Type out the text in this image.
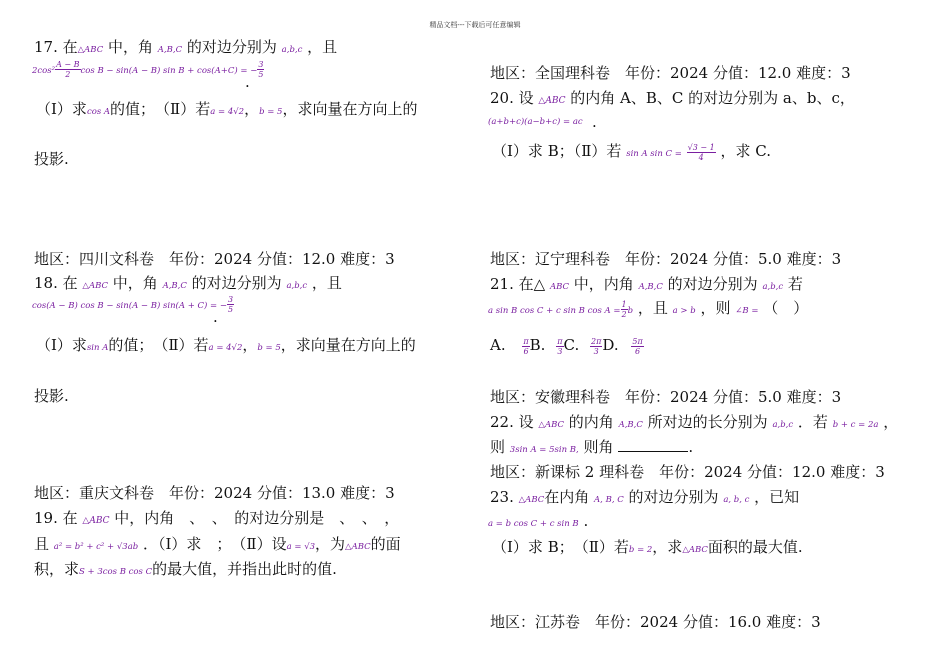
精品文档---下载后可任意编辑
17. 在△ABC 中，角 A,B,C 的对边分别为 a,b,c ，且
$2\cos^2 \frac{A - B}{2}$ cos B − sin(A − B) sin B + cos(A+C) = − $\frac{3}{5}$
.
（Ⅰ）求cos A的值；　（Ⅱ）若a = 4√2，b = 5，求向量在方向上的
投影.
地区：四川文科卷　年份：2024 分值：12.0 难度：3
18. 在 △ABC 中，角 A,B,C 的对边分别为 a,b,c ，且
cos(A − B) cos B − sin(A − B) sin(A + C) = − $\frac{3}{5}$
.
（Ⅰ）求sin A的值；　（Ⅱ）若a = 4√2，b = 5，求向量在方向上的
投影.
地区：重庆文科卷　年份：2024 分值：13.0 难度：3
19. 在 △ABC 中，内角　、　、　的对边分别是　、　、　，
且 a² = b² + c² + √3ab ．（Ⅰ）求　；　（Ⅱ）设a = √3，为△ABC的面
积，求S + 3cos B cos C的最大值，并指出此时的值.
地区：全国理科卷　年份：2024 分值：12.0 难度：3
20. 设 △ABC 的内角 A、B、C 的对边分别为 a、b、c，
(a+b+c)(a−b+c) = ac .
（Ⅰ）求 B；（Ⅱ）若 sin A $\sin C = \frac{√3 - 1}{4}$ ，求 C.
地区：辽宁理科卷　年份：2024 分值：5.0 难度：3
21. 在△ ABC 中，内角 A,B,C 的对边分别为 a,b,c 若
a sin B cos C + c sin B $\cos A = \frac{1}{2}$ b ，且 a > b ，则 ∠B = （　）
A. $\frac{\pi}{6} B$. $\frac{\pi}{3} C$. $\frac{2\pi}{3} D$. $\frac{5\pi}{6}$
地区：安徽理科卷　年份：2024 分值：5.0 难度：3
22. 设 △ABC 的内角 A,B,C 所对边的长分别为 a,b,c ．若 b + c = 2a ，
则 3sin A = 5sin B, 则角	.
地区：新课标 2 理科卷　年份：2024 分值：12.0 难度：3
23. △ABC在内角 A, B, C 的对边分别为 a, b, c ，已知
a = b cos C + c sin B .
（Ⅰ）求 B；　（Ⅱ）若b = 2，求△ABC面积的最大值.
地区：江苏卷　年份：2024 分值：16.0 难度：3
